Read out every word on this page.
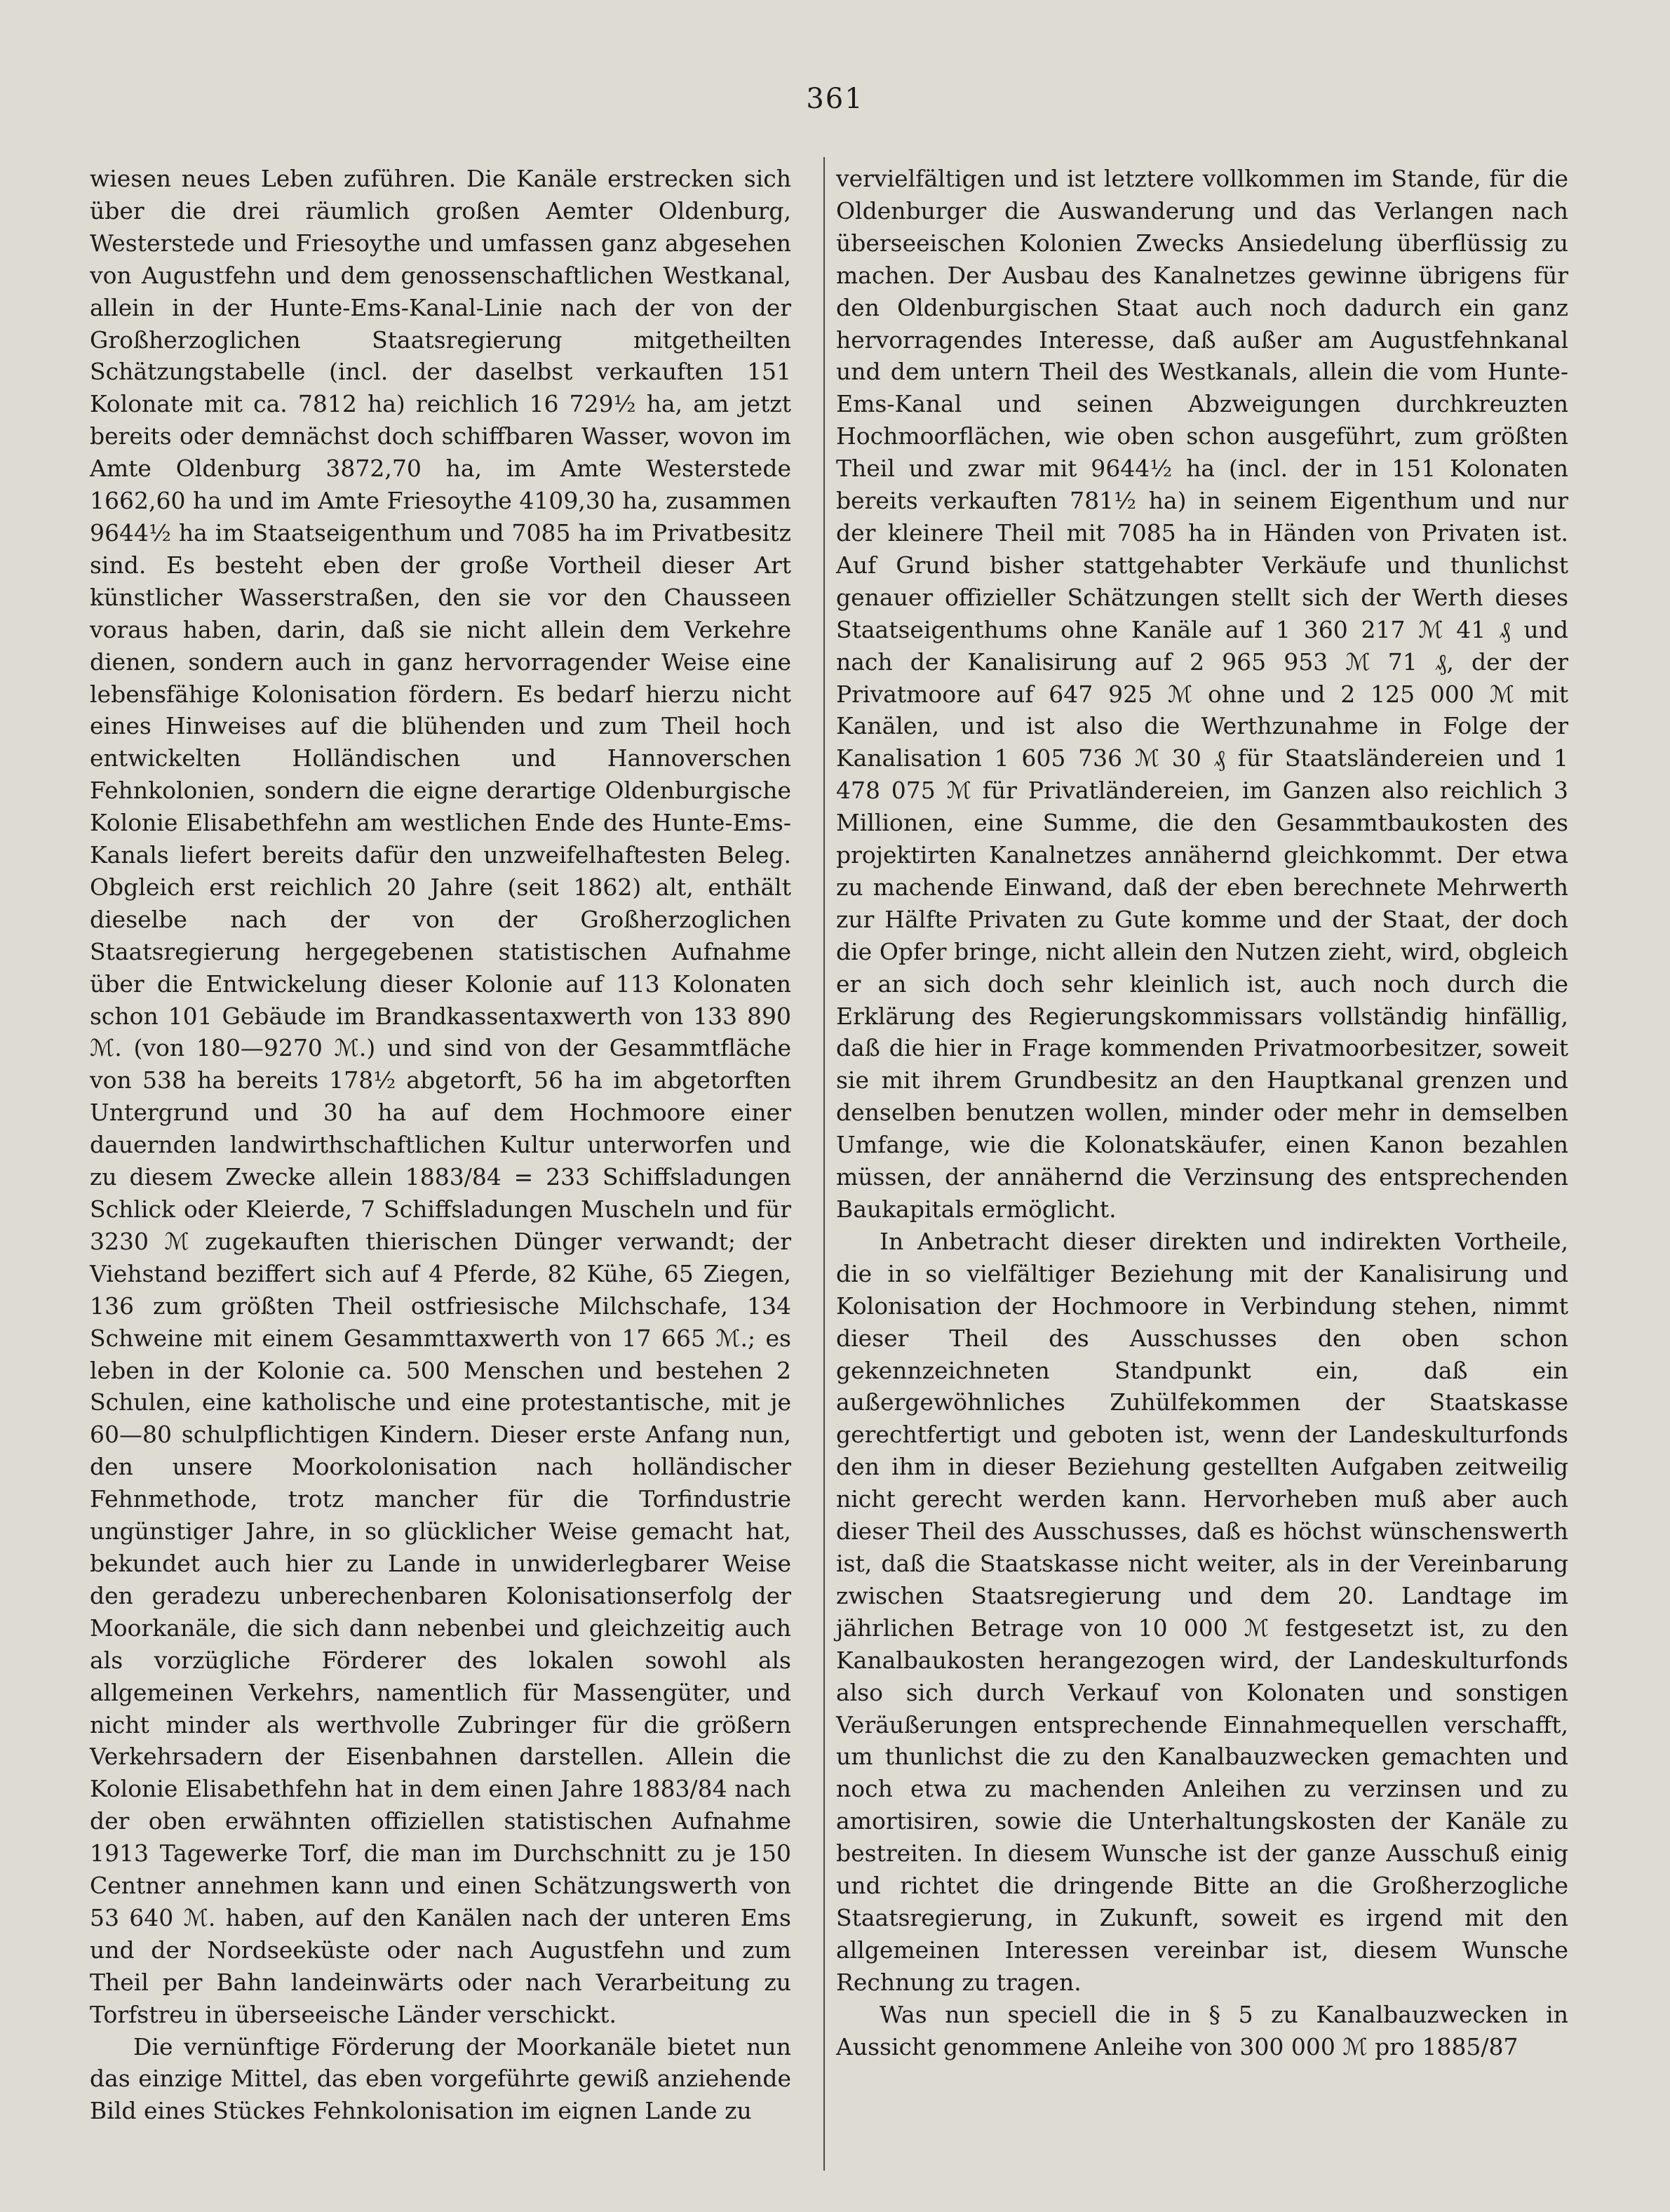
361

wiesen neues Leben zuführen. Die Kanäle erstrecken sich über die drei räumlich großen Aemter Oldenburg, Westerstede und Friesoythe und umfassen ganz abgesehen von Augustfehn und dem genossenschaftlichen Westkanal, allein in der Hunte-Ems-Kanal-Linie nach der von der Großherzoglichen Staatsregierung mitgetheilten Schätzungstabelle (incl. der daselbst verkauften 151 Kolonate mit ca. 7812 ha) reichlich 16 729½ ha, am jetzt bereits oder demnächst doch schiffbaren Wasser, wovon im Amte Oldenburg 3872,70 ha, im Amte Westerstede 1662,60 ha und im Amte Friesoythe 4109,30 ha, zusammen 9644½ ha im Staatseigenthum und 7085 ha im Privatbesitz sind. Es besteht eben der große Vortheil dieser Art künstlicher Wasserstraßen, den sie vor den Chausseen voraus haben, darin, daß sie nicht allein dem Verkehre dienen, sondern auch in ganz hervorragender Weise eine lebensfähige Kolonisation fördern. Es bedarf hierzu nicht eines Hinweises auf die blühenden und zum Theil hoch entwickelten Holländischen und Hannoverschen Fehnkolonien, sondern die eigne derartige Oldenburgische Kolonie Elisabethfehn am westlichen Ende des Hunte-Ems-Kanals liefert bereits dafür den unzweifelhaftesten Beleg. Obgleich erst reichlich 20 Jahre (seit 1862) alt, enthält dieselbe nach der von der Großherzoglichen Staatsregierung hergegebenen statistischen Aufnahme über die Entwickelung dieser Kolonie auf 113 Kolonaten schon 101 Gebäude im Brandkassentaxwerth von 133 890 ℳ. (von 180—9270 ℳ.) und sind von der Gesammtfläche von 538 ha bereits 178½ abgetorft, 56 ha im abgetorften Untergrund und 30 ha auf dem Hochmoore einer dauernden landwirthschaftlichen Kultur unterworfen und zu diesem Zwecke allein 1883/84 = 233 Schiffsladungen Schlick oder Kleierde, 7 Schiffsladungen Muscheln und für 3230 ℳ zugekauften thierischen Dünger verwandt; der Viehstand beziffert sich auf 4 Pferde, 82 Kühe, 65 Ziegen, 136 zum größten Theil ostfriesische Milchschafe, 134 Schweine mit einem Gesammttaxwerth von 17 665 ℳ.; es leben in der Kolonie ca. 500 Menschen und bestehen 2 Schulen, eine katholische und eine protestantische, mit je 60—80 schulpflichtigen Kindern. Dieser erste Anfang nun, den unsere Moorkolonisation nach holländischer Fehnmethode, trotz mancher für die Torfindustrie ungünstiger Jahre, in so glücklicher Weise gemacht hat, bekundet auch hier zu Lande in unwiderlegbarer Weise den geradezu unberechenbaren Kolonisationserfolg der Moorkanäle, die sich dann nebenbei und gleichzeitig auch als vorzügliche Förderer des lokalen sowohl als allgemeinen Verkehrs, namentlich für Massengüter, und nicht minder als werthvolle Zubringer für die größern Verkehrsadern der Eisenbahnen darstellen. Allein die Kolonie Elisabethfehn hat in dem einen Jahre 1883/84 nach der oben erwähnten offiziellen statistischen Aufnahme 1913 Tagewerke Torf, die man im Durchschnitt zu je 150 Centner annehmen kann und einen Schätzungswerth von 53 640 ℳ. haben, auf den Kanälen nach der unteren Ems und der Nordseeküste oder nach Augustfehn und zum Theil per Bahn landeinwärts oder nach Verarbeitung zu Torfstreu in überseeische Länder verschickt.

Die vernünftige Förderung der Moorkanäle bietet nun das einzige Mittel, das eben vorgeführte gewiß anziehende Bild eines Stückes Fehnkolonisation im eignen Lande zu

vervielfältigen und ist letztere vollkommen im Stande, für die Oldenburger die Auswanderung und das Verlangen nach überseeischen Kolonien Zwecks Ansiedelung überflüssig zu machen. Der Ausbau des Kanalnetzes gewinne übrigens für den Oldenburgischen Staat auch noch dadurch ein ganz hervorragendes Interesse, daß außer am Augustfehnkanal und dem untern Theil des Westkanals, allein die vom Hunte-Ems-Kanal und seinen Abzweigungen durchkreuzten Hochmoorflächen, wie oben schon ausgeführt, zum größten Theil und zwar mit 9644½ ha (incl. der in 151 Kolonaten bereits verkauften 781½ ha) in seinem Eigenthum und nur der kleinere Theil mit 7085 ha in Händen von Privaten ist. Auf Grund bisher stattgehabter Verkäufe und thunlichst genauer offizieller Schätzungen stellt sich der Werth dieses Staatseigenthums ohne Kanäle auf 1 360 217 ℳ 41 ₰ und nach der Kanalisirung auf 2 965 953 ℳ 71 ₰, der der Privatmoore auf 647 925 ℳ ohne und 2 125 000 ℳ mit Kanälen, und ist also die Werthzunahme in Folge der Kanalisation 1 605 736 ℳ 30 ₰ für Staatsländereien und 1 478 075 ℳ für Privatländereien, im Ganzen also reichlich 3 Millionen, eine Summe, die den Gesammtbaukosten des projektirten Kanalnetzes annähernd gleichkommt. Der etwa zu machende Einwand, daß der eben berechnete Mehrwerth zur Hälfte Privaten zu Gute komme und der Staat, der doch die Opfer bringe, nicht allein den Nutzen zieht, wird, obgleich er an sich doch sehr kleinlich ist, auch noch durch die Erklärung des Regierungskommissars vollständig hinfällig, daß die hier in Frage kommenden Privatmoorbesitzer, soweit sie mit ihrem Grundbesitz an den Hauptkanal grenzen und denselben benutzen wollen, minder oder mehr in demselben Umfange, wie die Kolonatskäufer, einen Kanon bezahlen müssen, der annähernd die Verzinsung des entsprechenden Baukapitals ermöglicht.

In Anbetracht dieser direkten und indirekten Vortheile, die in so vielfältiger Beziehung mit der Kanalisirung und Kolonisation der Hochmoore in Verbindung stehen, nimmt dieser Theil des Ausschusses den oben schon gekennzeichneten Standpunkt ein, daß ein außergewöhnliches Zuhülfekommen der Staatskasse gerechtfertigt und geboten ist, wenn der Landeskulturfonds den ihm in dieser Beziehung gestellten Aufgaben zeitweilig nicht gerecht werden kann. Hervorheben muß aber auch dieser Theil des Ausschusses, daß es höchst wünschenswerth ist, daß die Staatskasse nicht weiter, als in der Vereinbarung zwischen Staatsregierung und dem 20. Landtage im jährlichen Betrage von 10 000 ℳ festgesetzt ist, zu den Kanalbaukosten herangezogen wird, der Landeskulturfonds also sich durch Verkauf von Kolonaten und sonstigen Veräußerungen entsprechende Einnahmequellen verschafft, um thunlichst die zu den Kanalbauzwecken gemachten und noch etwa zu machenden Anleihen zu verzinsen und zu amortisiren, sowie die Unterhaltungskosten der Kanäle zu bestreiten. In diesem Wunsche ist der ganze Ausschuß einig und richtet die dringende Bitte an die Großherzogliche Staatsregierung, in Zukunft, soweit es irgend mit den allgemeinen Interessen vereinbar ist, diesem Wunsche Rechnung zu tragen.

Was nun speciell die in § 5 zu Kanalbauzwecken in Aussicht genommene Anleihe von 300 000 ℳ pro 1885/87
